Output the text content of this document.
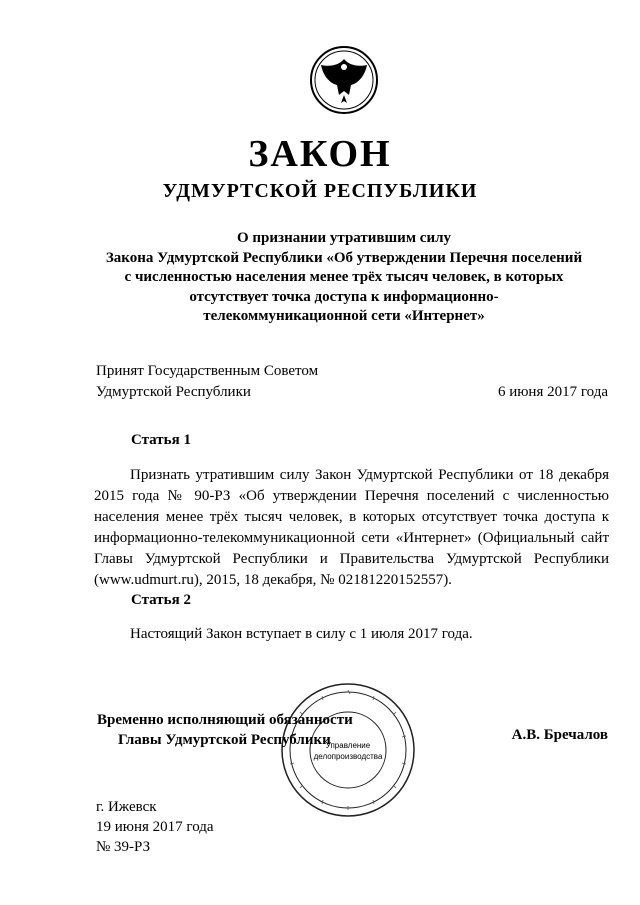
ЗАКОН
УДМУРТСКОЙ РЕСПУБЛИКИ
О признании утратившим силу
Закона Удмуртской Республики «Об утверждении Перечня поселений
с численностью населения менее трёх тысяч человек, в которых
отсутствует точка доступа к информационно-
телекоммуникационной сети «Интернет»
Принят Государственным Советом
Удмуртской Республики	6 июня 2017 года
Статья 1
Признать утратившим силу Закон Удмуртской Республики от 18 декабря
2015 года № 90-РЗ «Об утверждении Перечня поселений с численностью
населения менее трёх тысяч человек, в которых отсутствует точка доступа к
информационно-телекоммуникационной сети «Интернет» (Официальный сайт
Главы Удмуртской Республики и Правительства Удмуртской Республики
(www.udmurt.ru), 2015, 18 декабря, № 02181220152557).
Статья 2
Настоящий Закон вступает в силу с 1 июля 2017 года.
Управление
делопроизводства
Временно исполняющий обязанности
Главы Удмуртской Республики	А.В. Бречалов
г. Ижевск
19 июня 2017 года
№ 39-РЗ
